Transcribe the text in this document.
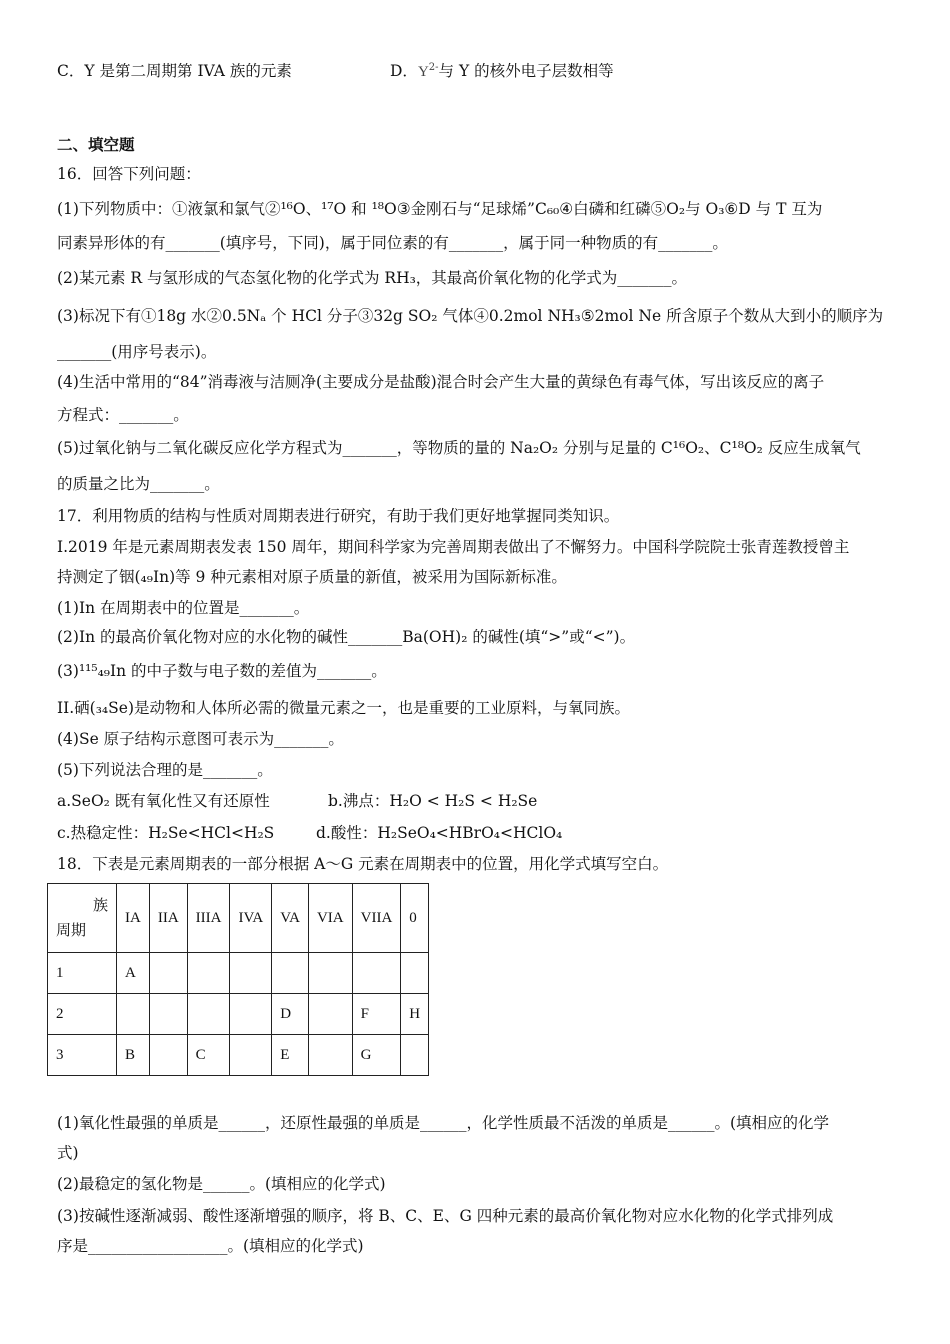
C．Y 是第二周期第 IVA 族的元素	D．$Y^{2-}$与 Y 的核外电子层数相等
二、填空题
16．回答下列问题：
(1)下列物质中：①液氯和氯气②¹⁶O、¹⁷O 和 ¹⁸O③金刚石与“足球烯”C₆₀④白磷和红磷⑤O₂与 O₃⑥D 与 T 互为
同素异形体的有_______(填序号，下同)，属于同位素的有_______，属于同一种物质的有_______。
(2)某元素 R 与氢形成的气态氢化物的化学式为 RH₃，其最高价氧化物的化学式为_______。
(3)标况下有①18g 水②0.5Nₐ 个 HCl 分子③32g SO₂ 气体④0.2mol NH₃⑤2mol Ne 所含原子个数从大到小的顺序为
_______(用序号表示)。
(4)生活中常用的“84”消毒液与洁厕净(主要成分是盐酸)混合时会产生大量的黄绿色有毒气体，写出该反应的离子
方程式：_______。
(5)过氧化钠与二氧化碳反应化学方程式为_______，等物质的量的 Na₂O₂ 分别与足量的 C¹⁶O₂、C¹⁸O₂ 反应生成氧气
的质量之比为_______。
17．利用物质的结构与性质对周期表进行研究，有助于我们更好地掌握同类知识。
I.2019 年是元素周期表发表 150 周年，期间科学家为完善周期表做出了不懈努力。中国科学院院士张青莲教授曾主
持测定了铟(₄₉In)等 9 种元素相对原子质量的新值，被采用为国际新标准。
(1)In 在周期表中的位置是_______。
(2)In 的最高价氧化物对应的水化物的碱性_______Ba(OH)₂ 的碱性(填“>”或“<”)。
(3)¹¹⁵₄₉In 的中子数与电子数的差值为_______。
II.硒(₃₄Se)是动物和人体所必需的微量元素之一，也是重要的工业原料，与氧同族。
(4)Se 原子结构示意图可表示为_______。
(5)下列说法合理的是_______。
a.SeO₂ 既有氧化性又有还原性	b.沸点：H₂O < H₂S < H₂Se
c.热稳定性：H₂Se<HCl<H₂S	d.酸性：H₂SeO₄<HBrO₄<HClO₄
18．下表是元素周期表的一部分根据 A～G 元素在周期表中的位置，用化学式填写空白。
族
周期	IA	IIA	IIIA	IVA	VA	VIA	VIIA	0
1	A							
2					D		F	H
3	B		C		E		G	
(1)氧化性最强的单质是______，还原性最强的单质是______，化学性质最不活泼的单质是______。(填相应的化学
式)
(2)最稳定的氢化物是______。(填相应的化学式)
(3)按碱性逐渐减弱、酸性逐渐增强的顺序，将 B、C、E、G 四种元素的最高价氧化物对应水化物的化学式排列成
序是__________________。(填相应的化学式)
